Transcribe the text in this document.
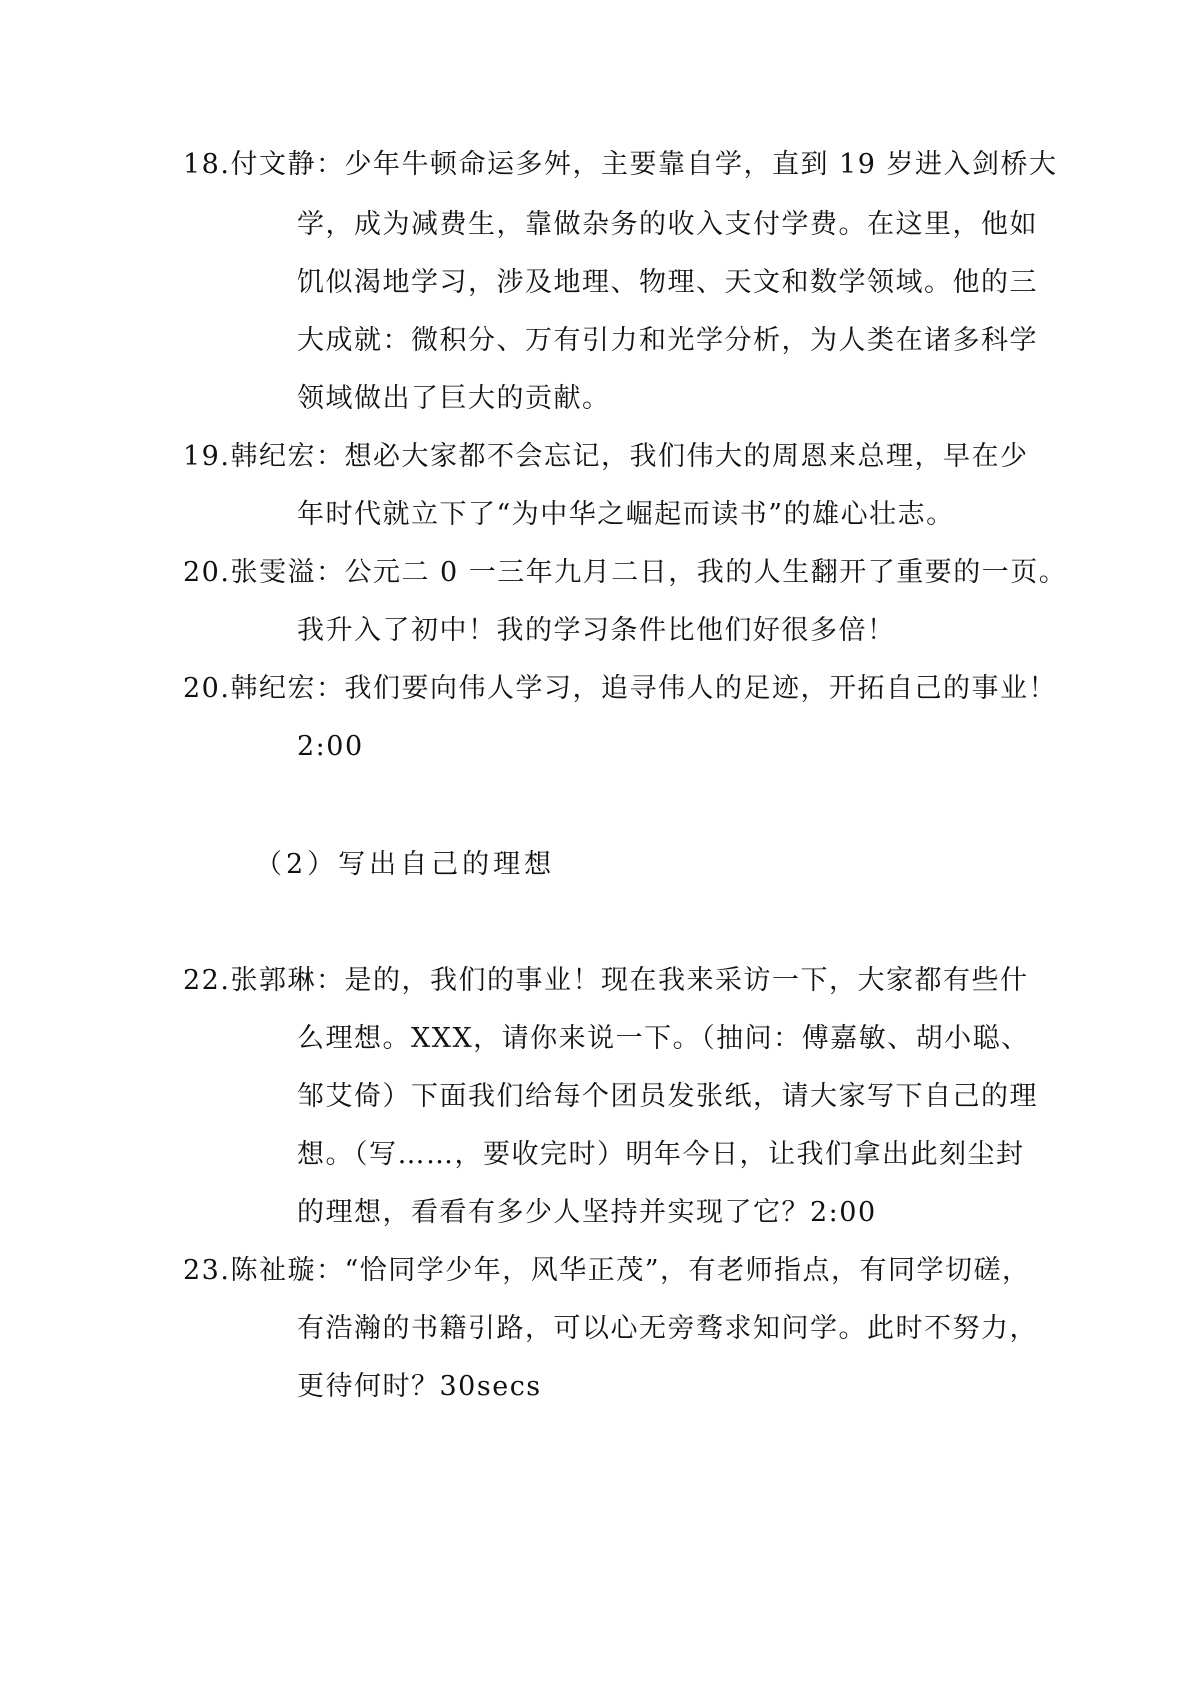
18.付文静：少年牛顿命运多舛，主要靠自学，直到 19 岁进入剑桥大
学，成为减费生，靠做杂务的收入支付学费。在这里，他如
饥似渴地学习，涉及地理、物理、天文和数学领域。他的三
大成就：微积分、万有引力和光学分析，为人类在诸多科学
领域做出了巨大的贡献。
19.韩纪宏：想必大家都不会忘记，我们伟大的周恩来总理，早在少
年时代就立下了“为中华之崛起而读书”的雄心壮志。
20.张雯溢：公元二 0 一三年九月二日，我的人生翻开了重要的一页。
我升入了初中！我的学习条件比他们好很多倍！
20.韩纪宏：我们要向伟人学习，追寻伟人的足迹，开拓自己的事业！
2:00
（2）写出自己的理想
22.张郭琳：是的，我们的事业！现在我来采访一下，大家都有些什
么理想。XXX，请你来说一下。（抽问：傅嘉敏、胡小聪、
邹艾倚）下面我们给每个团员发张纸，请大家写下自己的理
想。（写……，要收完时）明年今日，让我们拿出此刻尘封
的理想，看看有多少人坚持并实现了它？2:00
23.陈祉璇：“恰同学少年，风华正茂”，有老师指点，有同学切磋，
有浩瀚的书籍引路，可以心无旁骛求知问学。此时不努力，
更待何时？30secs
